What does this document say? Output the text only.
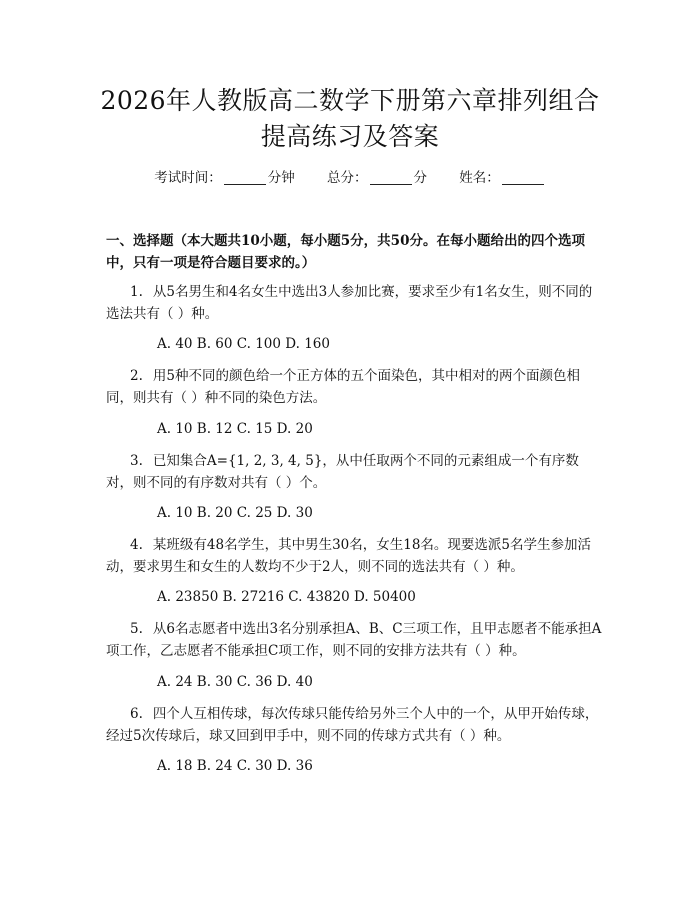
2026年人教版高二数学下册第六章排列组合
提高练习及答案
考试时间：	分钟 总分：	分 姓名：
一、选择题（本大题共10小题，每小题5分，共50分。在每小题给出的四个选项中，只有一项是符合题目要求的。）
1. 从5名男生和4名女生中选出3人参加比赛，要求至少有1名女生，则不同的选法共有（ ）种。
A. 40 B. 60 C. 100 D. 160
2. 用5种不同的颜色给一个正方体的五个面染色，其中相对的两个面颜色相同，则共有（ ）种不同的染色方法。
A. 10 B. 12 C. 15 D. 20
3. 已知集合A={1, 2, 3, 4, 5}，从中任取两个不同的元素组成一个有序数对，则不同的有序数对共有（ ）个。
A. 10 B. 20 C. 25 D. 30
4. 某班级有48名学生，其中男生30名，女生18名。现要选派5名学生参加活动，要求男生和女生的人数均不少于2人，则不同的选法共有（ ）种。
A. 23850 B. 27216 C. 43820 D. 50400
5. 从6名志愿者中选出3名分别承担A、B、C三项工作，且甲志愿者不能承担A项工作，乙志愿者不能承担C项工作，则不同的安排方法共有（ ）种。
A. 24 B. 30 C. 36 D. 40
6. 四个人互相传球，每次传球只能传给另外三个人中的一个，从甲开始传球，经过5次传球后，球又回到甲手中，则不同的传球方式共有（ ）种。
A. 18 B. 24 C. 30 D. 36
